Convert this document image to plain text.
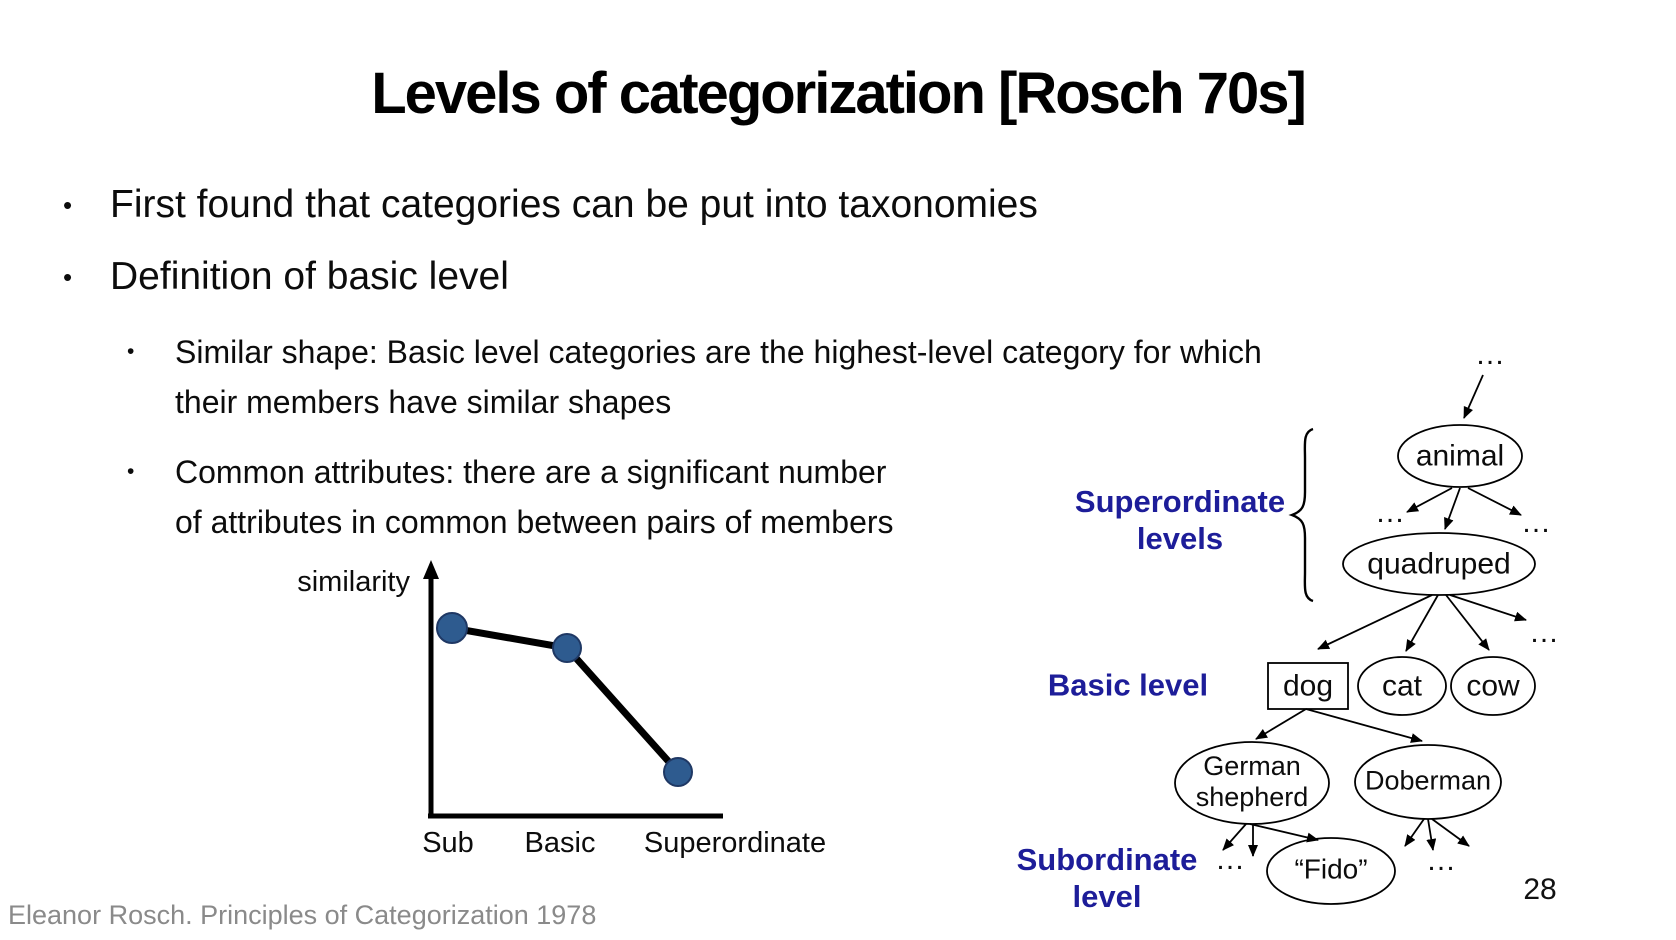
…
…	…
…
…	…
Levels of categorization [Rosch 70s]
• First found that categories can be put into taxonomies
• Definition of basic level
•	Similar shape: Basic level categories are the highest-level category for which
their members have similar shapes
•	Common attributes: there are a significant number
of attributes in common between pairs of members
similarity
Sub Basic Superordinate
animal
quadruped
dog cat cow
German shepherd
Doberman
“Fido”
Superordinate levels
Basic level
Subordinate level	28
Eleanor Rosch. Principles of Categorization 1978
